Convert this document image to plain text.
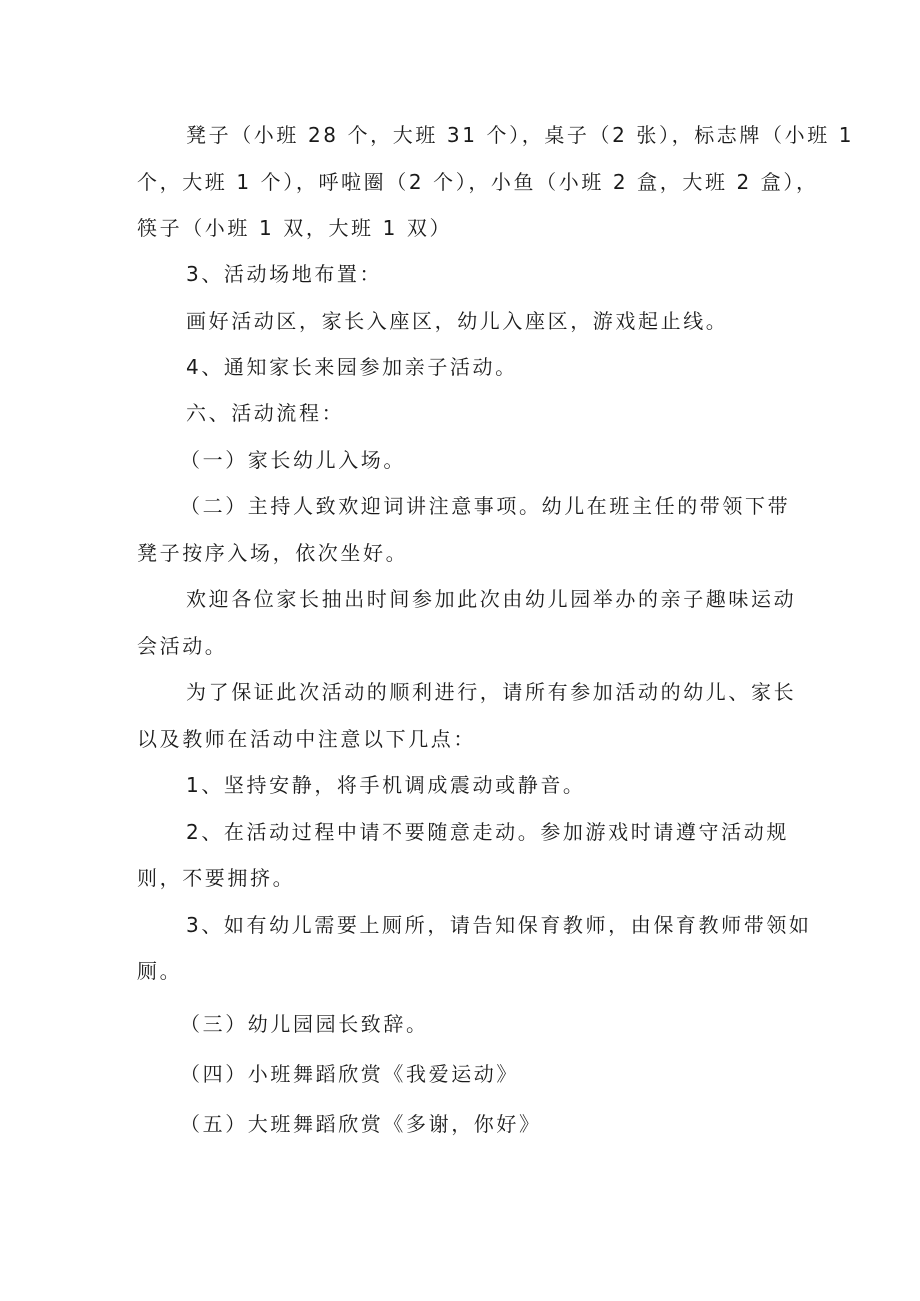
凳子（小班 28 个，大班 31 个），桌子（2 张），标志牌（小班 1
个，大班 1 个），呼啦圈（2 个），小鱼（小班 2 盒，大班 2 盒），
筷子（小班 1 双，大班 1 双）
3、活动场地布置：
画好活动区，家长入座区，幼儿入座区，游戏起止线。
4、通知家长来园参加亲子活动。
六、活动流程：
（一）家长幼儿入场。
（二）主持人致欢迎词讲注意事项。幼儿在班主任的带领下带
凳子按序入场，依次坐好。
欢迎各位家长抽出时间参加此次由幼儿园举办的亲子趣味运动
会活动。
为了保证此次活动的顺利进行，请所有参加活动的幼儿、家长
以及教师在活动中注意以下几点：
1、坚持安静，将手机调成震动或静音。
2、在活动过程中请不要随意走动。参加游戏时请遵守活动规
则，不要拥挤。
3、如有幼儿需要上厕所，请告知保育教师，由保育教师带领如
厕。
（三）幼儿园园长致辞。
（四）小班舞蹈欣赏《我爱运动》
（五）大班舞蹈欣赏《多谢，你好》
